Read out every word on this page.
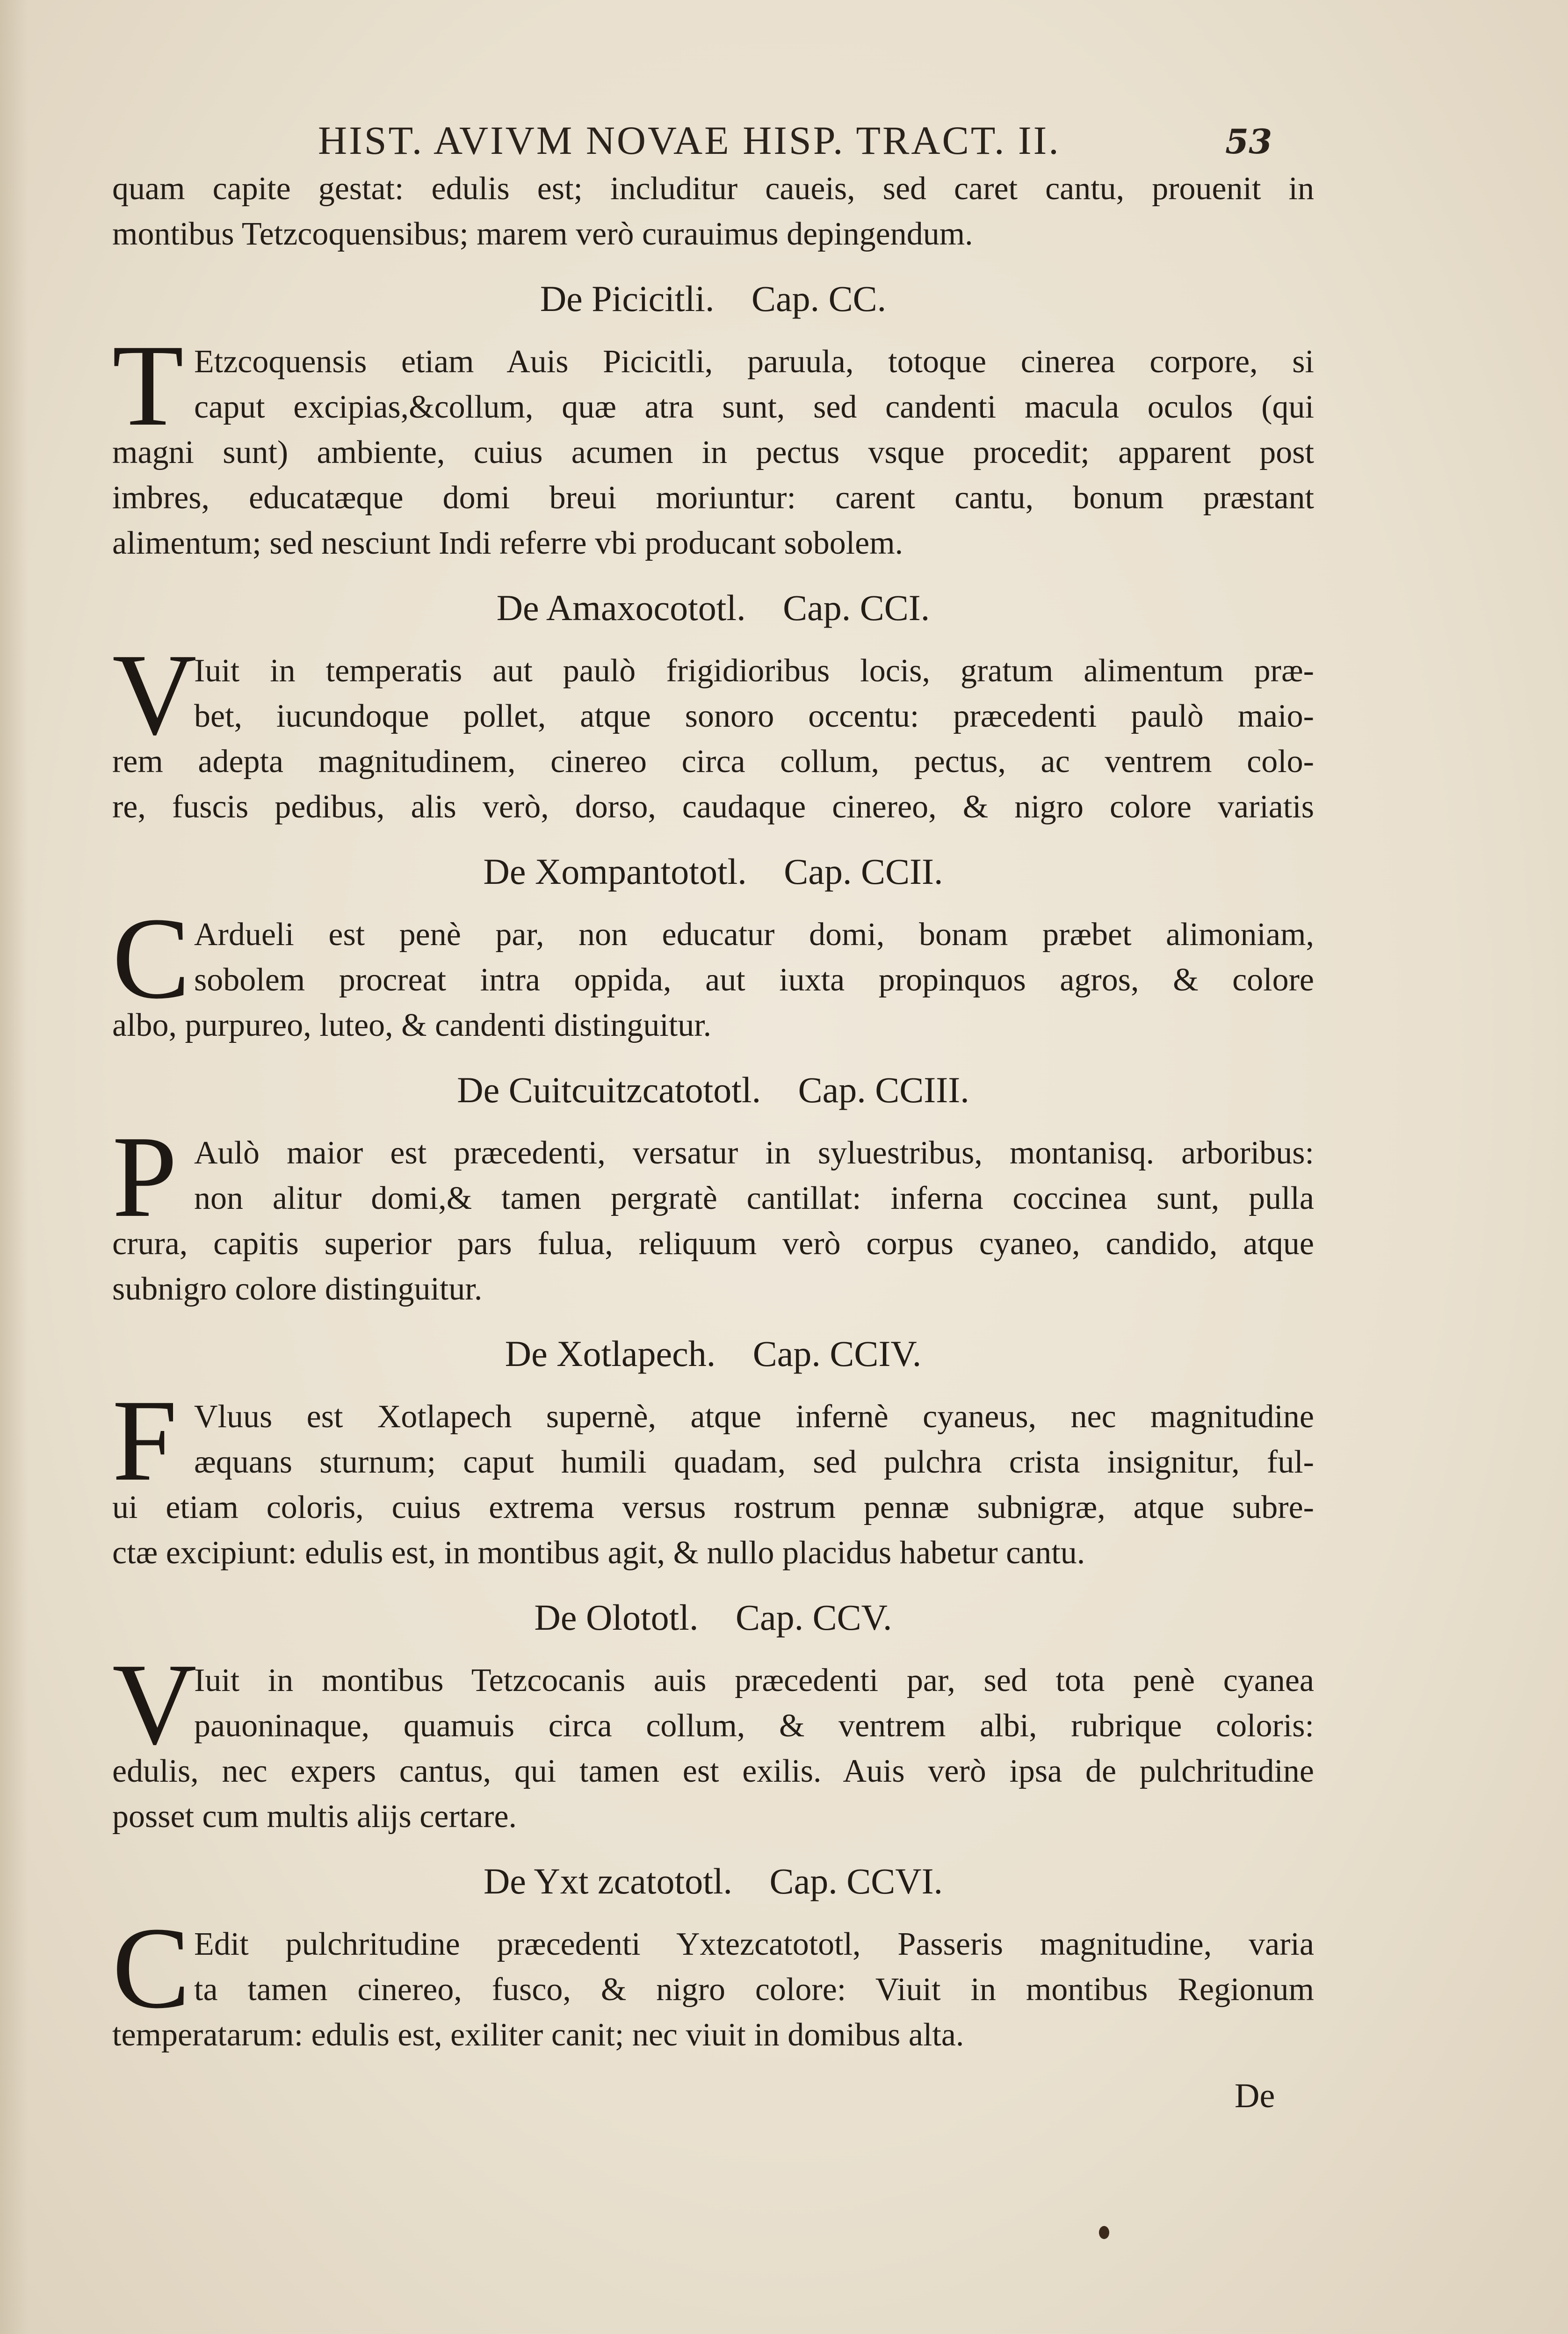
HIST. AVIVM NOVAE HISP. TRACT. II.	53
quam capite gestat: edulis est; includitur caueis, sed caret cantu, prouenit in
montibus Tetzcoquensibus; marem verò curauimus depingendum.
De Picicitli. Cap. CC.
T Etzcoquensis etiam Auis Picicitli, paruula, totoque cinerea corpore, si
caput excipias,&collum, quæ atra sunt, sed candenti macula oculos (qui
magni sunt) ambiente, cuius acumen in pectus vsque procedit; apparent post
imbres, educatæque domi breui moriuntur: carent cantu, bonum præstant
alimentum; sed nesciunt Indi referre vbi producant sobolem.
De Amaxocototl. Cap. CCI.
V
Iuit in temperatis aut paulò frigidioribus locis, gratum alimentum præ-
bet, iucundoque pollet, atque sonoro occentu: præcedenti paulò maio-
rem adepta magnitudinem, cinereo circa collum, pectus, ac ventrem colo-
re, fuscis pedibus, alis verò, dorso, caudaque cinereo, & nigro colore variatis
De Xompantototl. Cap. CCII.
C Ardueli est penè par, non educatur domi, bonam præbet alimoniam,
sobolem procreat intra oppida, aut iuxta propinquos agros, & colore
albo, purpureo, luteo, & candenti distinguitur.
De Cuitcuitzcatototl. Cap. CCIII.
P Aulò maior est præcedenti, versatur in syluestribus, montanisq. arboribus:
non alitur domi,& tamen pergratè cantillat: inferna coccinea sunt, pulla
crura, capitis superior pars fulua, reliquum verò corpus cyaneo, candido, atque
subnigro colore distinguitur.
De Xotlapech. Cap. CCIV.
F Vluus est Xotlapech supernè, atque infernè cyaneus, nec magnitudine
æquans sturnum; caput humili quadam, sed pulchra crista insignitur, ful-
ui etiam coloris, cuius extrema versus rostrum pennæ subnigræ, atque subre-
ctæ excipiunt: edulis est, in montibus agit, & nullo placidus habetur cantu.
De Olototl. Cap. CCV.
V
Iuit in montibus Tetzcocanis auis præcedenti par, sed tota penè cyanea
pauoninaque, quamuis circa collum, & ventrem albi, rubrique coloris:
edulis, nec expers cantus, qui tamen est exilis. Auis verò ipsa de pulchritudine
posset cum multis alijs certare.
De Yxt zcatototl. Cap. CCVI.
C Edit pulchritudine præcedenti Yxtezcatototl, Passeris magnitudine, varia
ta tamen cinereo, fusco, & nigro colore: Viuit in montibus Regionum
temperatarum: edulis est, exiliter canit; nec viuit in domibus alta.
De
